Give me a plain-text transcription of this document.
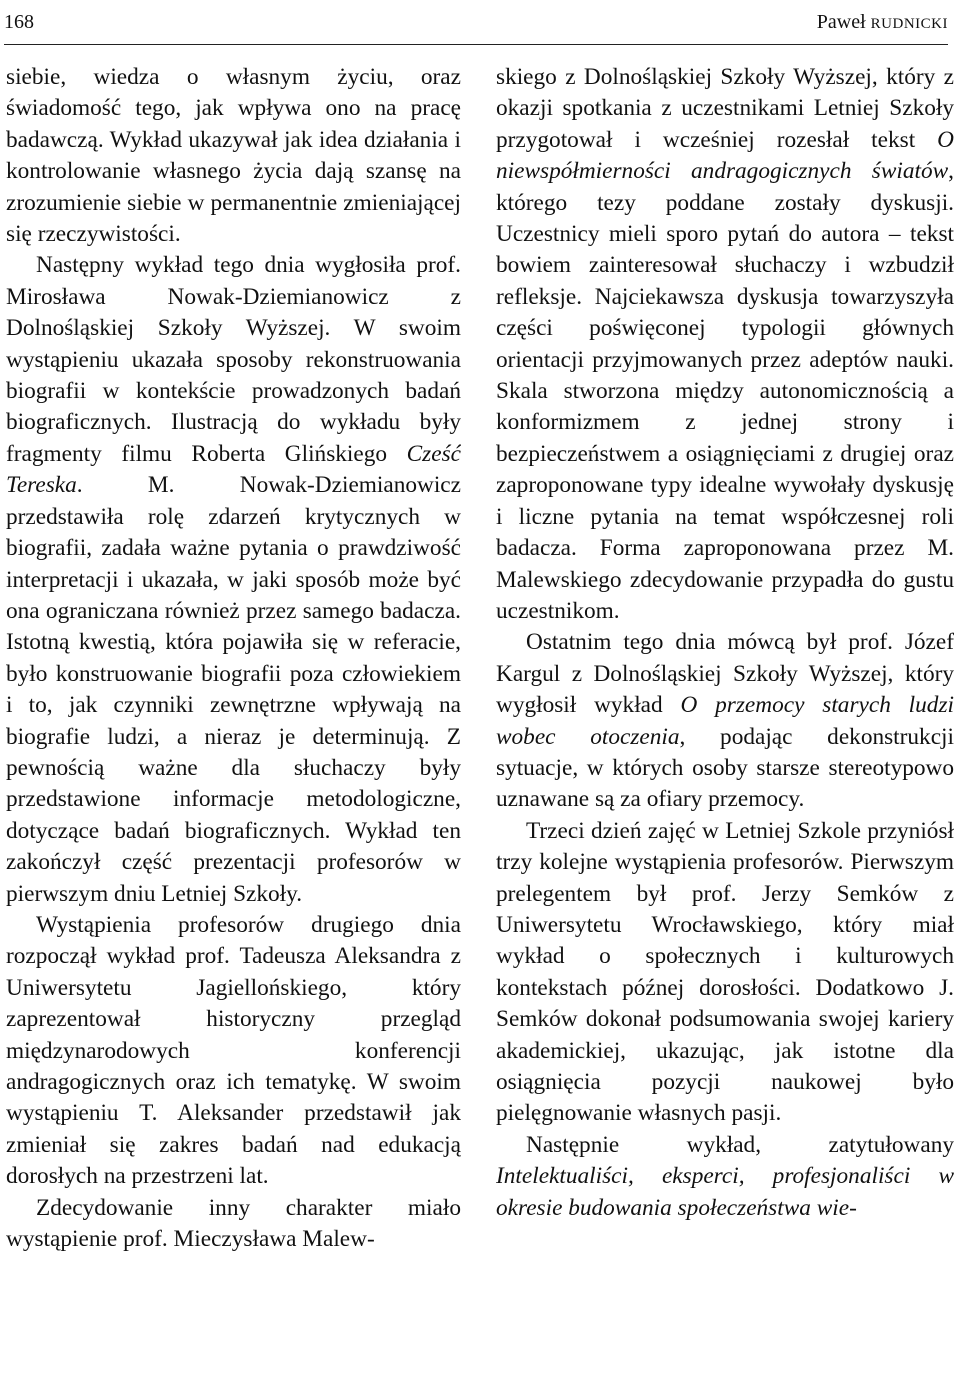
168	Paweł RUDNICKI

siebie, wiedza o własnym życiu, oraz świadomość tego, jak wpływa ono na pracę badawczą. Wykład ukazywał jak idea działania i kontrolowanie własnego życia dają szansę na zrozumienie siebie w permanentnie zmieniającej się rzeczywistości.

Następny wykład tego dnia wygłosiła prof. Mirosława Nowak-Dziemianowicz z Dolnośląskiej Szkoły Wyższej. W swoim wystąpieniu ukazała sposoby rekonstruowania biografii w kontekście prowadzonych badań biograficznych. Ilustracją do wykładu były fragmenty filmu Roberta Glińskiego Cześć Tereska. M. Nowak-Dziemianowicz przedstawiła rolę zdarzeń krytycznych w biografii, zadała ważne pytania o prawdziwość interpretacji i ukazała, w jaki sposób może być ona ograniczana również przez samego badacza. Istotną kwestią, która pojawiła się w referacie, było konstruowanie biografii poza człowiekiem i to, jak czynniki zewnętrzne wpływają na biografie ludzi, a nieraz je determinują. Z pewnością ważne dla słuchaczy były przedstawione informacje metodologiczne, dotyczące badań biograficznych. Wykład ten zakończył część prezentacji profesorów w pierwszym dniu Letniej Szkoły.

Wystąpienia profesorów drugiego dnia rozpoczął wykład prof. Tadeusza Aleksandra z Uniwersytetu Jagiellońskiego, który zaprezentował historyczny przegląd międzynarodowych konferencji andragogicznych oraz ich tematykę. W swoim wystąpieniu T. Aleksander przedstawił jak zmieniał się zakres badań nad edukacją dorosłych na przestrzeni lat.

Zdecydowanie inny charakter miało wystąpienie prof. Mieczysława Malew-

skiego z Dolnośląskiej Szkoły Wyższej, który z okazji spotkania z uczestnikami Letniej Szkoły przygotował i wcześniej rozesłał tekst O niewspółmierności andragogicznych światów, którego tezy poddane zostały dyskusji. Uczestnicy mieli sporo pytań do autora – tekst bowiem zainteresował słuchaczy i wzbudził refleksje. Najciekawsza dyskusja towarzyszyła części poświęconej typologii głównych orientacji przyjmowanych przez adeptów nauki. Skala stworzona między autonomicznością a konformizmem z jednej strony i bezpieczeństwem a osiągnięciami z drugiej oraz zaproponowane typy idealne wywołały dyskusję i liczne pytania na temat współczesnej roli badacza. Forma zaproponowana przez M. Malewskiego zdecydowanie przypadła do gustu uczestnikom.

Ostatnim tego dnia mówcą był prof. Józef Kargul z Dolnośląskiej Szkoły Wyższej, który wygłosił wykład O przemocy starych ludzi wobec otoczenia, podając dekonstrukcji sytuacje, w których osoby starsze stereotypowo uznawane są za ofiary przemocy.

Trzeci dzień zajęć w Letniej Szkole przyniósł trzy kolejne wystąpienia profesorów. Pierwszym prelegentem był prof. Jerzy Semków z Uniwersytetu Wrocławskiego, który miał wykład o społecznych i kulturowych kontekstach późnej dorosłości. Dodatkowo J. Semków dokonał podsumowania swojej kariery akademickiej, ukazując, jak istotne dla osiągnięcia pozycji naukowej było pielęgnowanie własnych pasji.

Następnie wykład, zatytułowany Intelektualiści, eksperci, profesjonaliści w okresie budowania społeczeństwa wie-
